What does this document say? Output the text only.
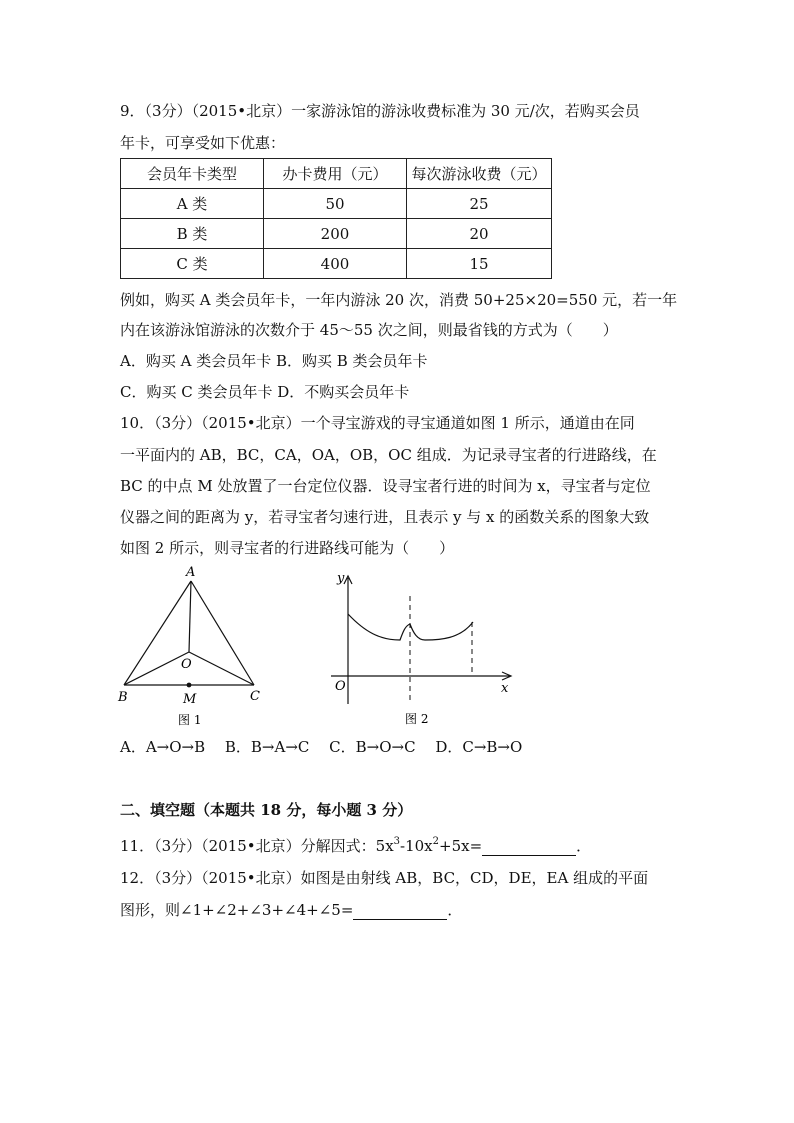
9．（3分）（2015•北京）一家游泳馆的游泳收费标准为 30 元/次，若购买会员
年卡，可享受如下优惠：
会员年卡类型	办卡费用（元）	每次游泳收费（元）
A 类	50	25
B 类	200	20
C 类	400	15
例如，购买 A 类会员年卡，一年内游泳 20 次，消费 50+25×20=550 元，若一年
内在该游泳馆游泳的次数介于 45～55 次之间，则最省钱的方式为（　　）
A．购买 A 类会员年卡 B．购买 B 类会员年卡
C．购买 C 类会员年卡 D．不购买会员年卡
10．（3分）（2015•北京）一个寻宝游戏的寻宝通道如图 1 所示，通道由在同
一平面内的 AB，BC，CA，OA，OB，OC 组成．为记录寻宝者的行进路线，在
BC 的中点 M 处放置了一台定位仪器．设寻宝者行进的时间为 x，寻宝者与定位
仪器之间的距离为 y，若寻宝者匀速行进，且表示 y 与 x 的函数关系的图象大致
如图 2 所示，则寻宝者的行进路线可能为（　　）
A
B	C
O
M
图 1
y
x
O
图 2
A．A→O→B　 B．B→A→C　 C．B→O→C　 D．C→B→O
二、填空题（本题共 18 分，每小题 3 分）
11．（3分）（2015•北京）分解因式：$5x^3-10x^2+5x=$	．
12．（3分）（2015•北京）如图是由射线 AB，BC，CD，DE，EA 组成的平面
图形，则∠1+∠2+∠3+∠4+∠5=	．
